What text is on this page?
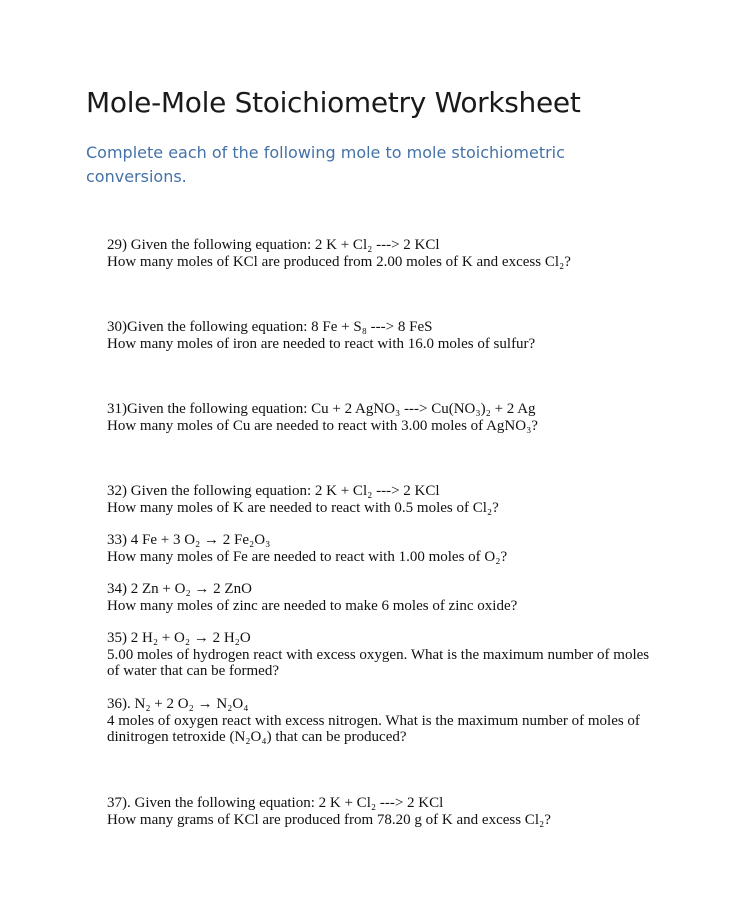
Mole-Mole Stoichiometry Worksheet

Complete each of the following mole to mole stoichiometric conversions.

29) Given the following equation: 2 K + Cl₂ ---> 2 KCl
How many moles of KCl are produced from 2.00 moles of K and excess Cl₂?
30)Given the following equation: 8 Fe + S₈ ---> 8 FeS
How many moles of iron are needed to react with 16.0 moles of sulfur?
31)Given the following equation: Cu + 2 AgNO₃ ---> Cu(NO₃)₂ + 2 Ag
How many moles of Cu are needed to react with 3.00 moles of AgNO₃?
32) Given the following equation: 2 K + Cl₂ ---> 2 KCl
How many moles of K are needed to react with 0.5 moles of Cl₂?
33) 4 Fe + 3 O₂ → 2 Fe₂O₃
How many moles of Fe are needed to react with 1.00 moles of O₂?
34) 2 Zn + O₂ → 2 ZnO
How many moles of zinc are needed to make 6 moles of zinc oxide?
35) 2 H₂ + O₂ → 2 H₂O
5.00 moles of hydrogen react with excess oxygen. What is the maximum number of moles of water that can be formed?
36). N₂ + 2 O₂ → N₂O₄
4 moles of oxygen react with excess nitrogen. What is the maximum number of moles of dinitrogen tetroxide (N₂O₄) that can be produced?
37). Given the following equation: 2 K + Cl₂ ---> 2 KCl
How many grams of KCl are produced from 78.20 g of K and excess Cl₂?
